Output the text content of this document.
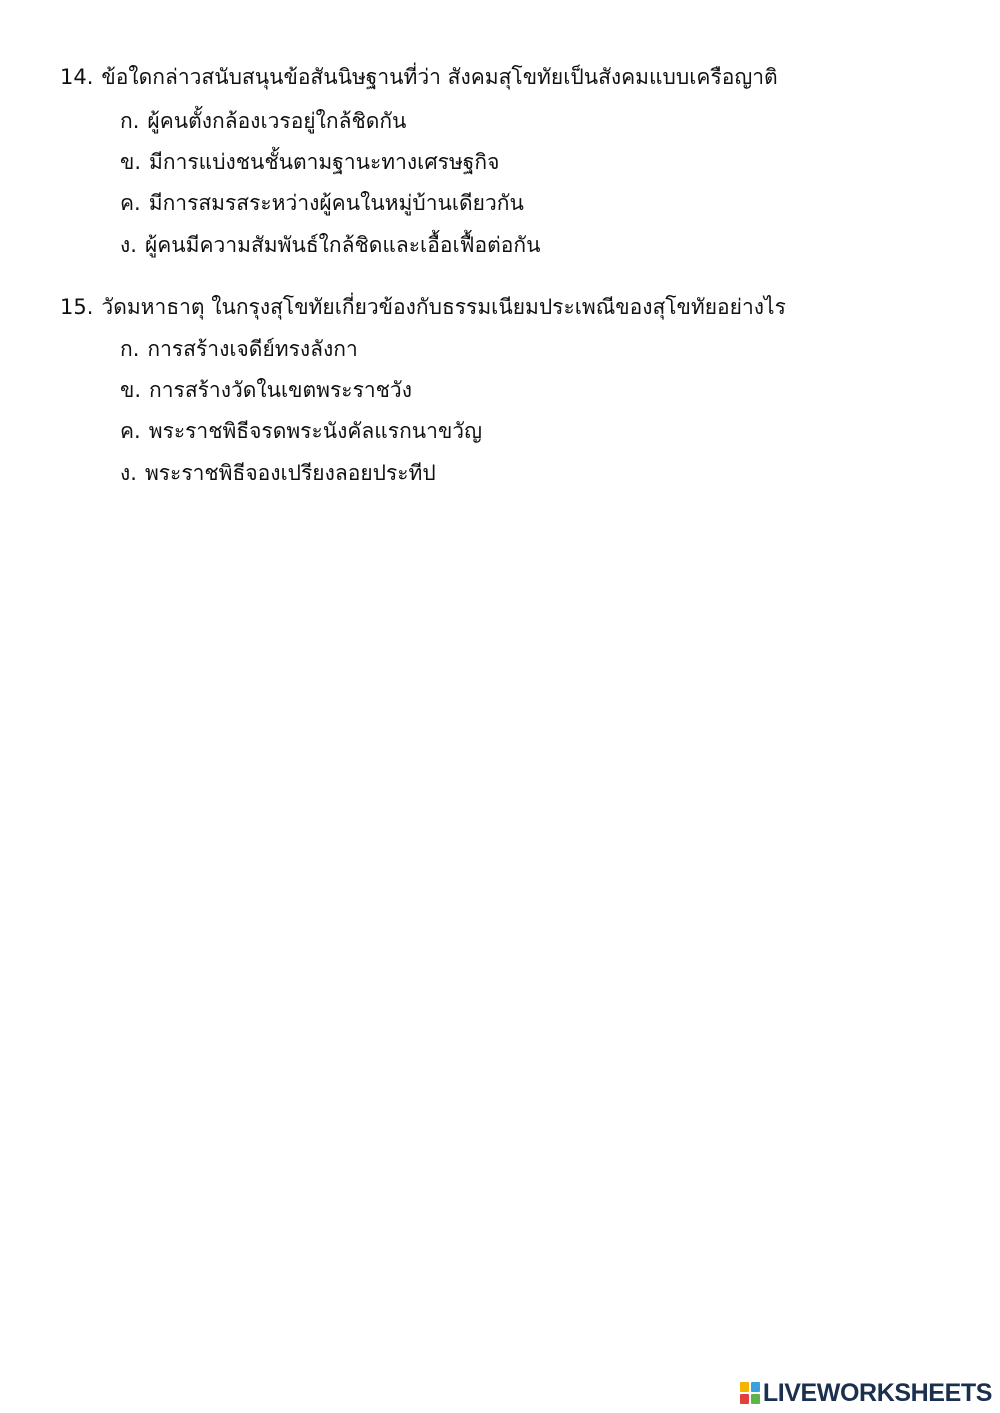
14. ข้อใดกล่าวสนับสนุนข้อสันนิษฐานที่ว่า สังคมสุโขทัยเป็นสังคมแบบเครือญาติ
ก. ผู้คนตั้งกล้องเวรอยู่ใกล้ชิดกัน
ข. มีการแบ่งชนชั้นตามฐานะทางเศรษฐกิจ
ค. มีการสมรสระหว่างผู้คนในหมู่บ้านเดียวกัน
ง. ผู้คนมีความสัมพันธ์ใกล้ชิดและเอื้อเฟื้อต่อกัน
15. วัดมหาธาตุ ในกรุงสุโขทัยเกี่ยวข้องกับธรรมเนียมประเพณีของสุโขทัยอย่างไร
ก. การสร้างเจดีย์ทรงลังกา
ข. การสร้างวัดในเขตพระราชวัง
ค. พระราชพิธีจรดพระนังคัลแรกนาขวัญ
ง. พระราชพิธีจองเปรียงลอยประทีป
LIVEWORKSHEETS
